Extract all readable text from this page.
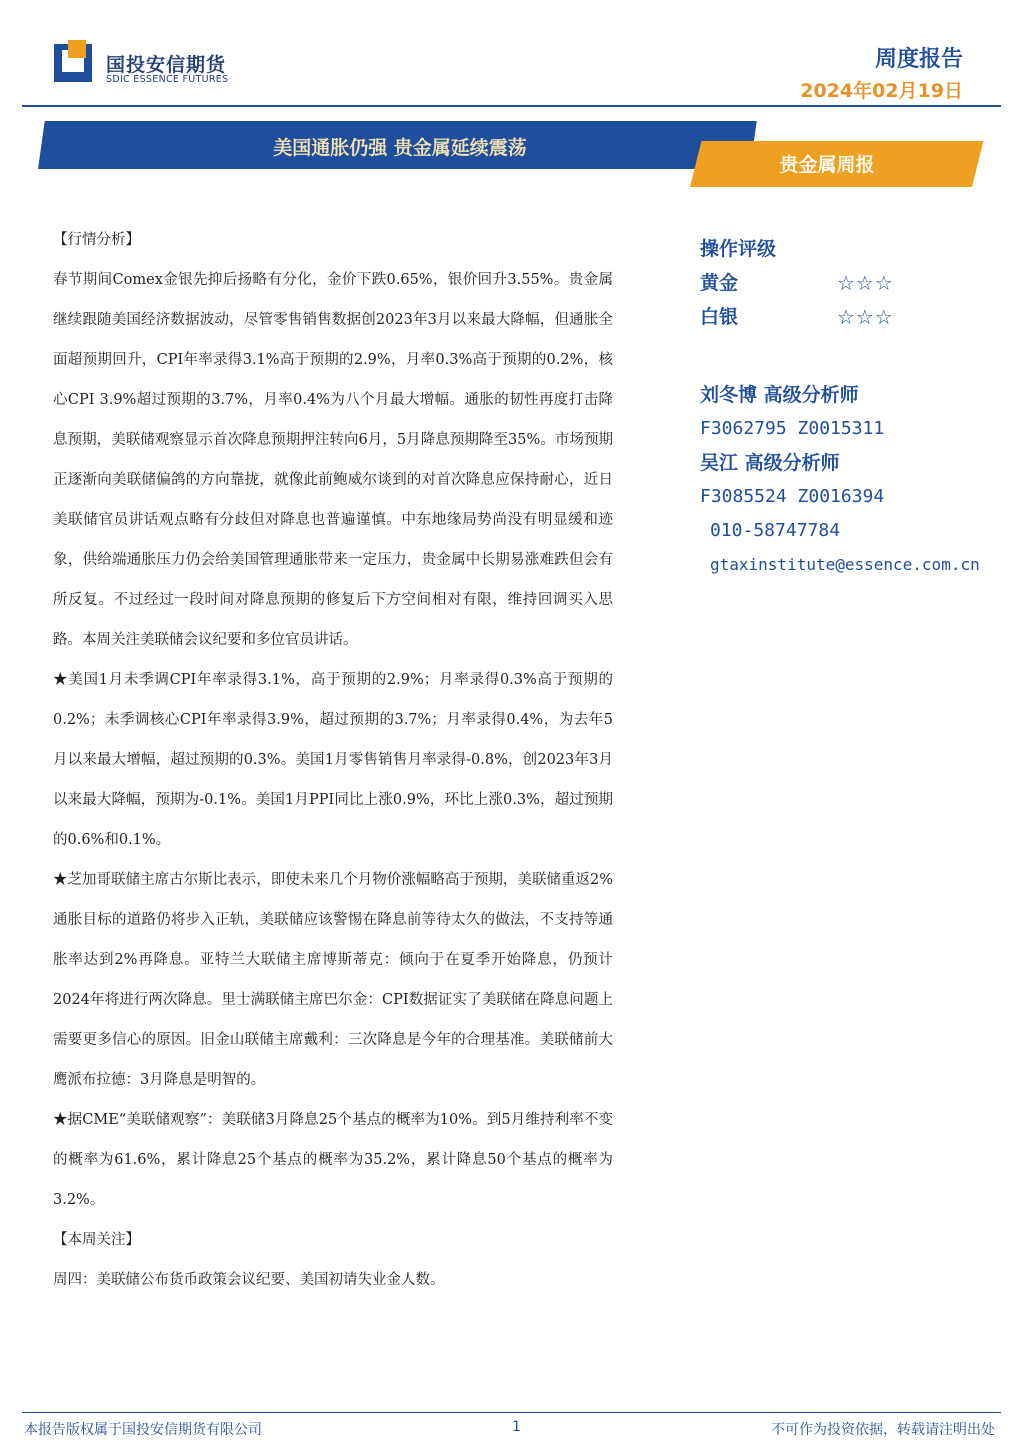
国投安信期货
SDIC ESSENCE FUTURES
周度报告
2024年02月19日
美国通胀仍强 贵金属延续震荡
贵金属周报
【行情分析】

春节期间Comex金银先抑后扬略有分化，金价下跌0.65%，银价回升3.55%。贵金属继续跟随美国经济数据波动，尽管零售销售数据创2023年3月以来最大降幅，但通胀全面超预期回升，CPI年率录得3.1%高于预期的2.9%，月率0.3%高于预期的0.2%，核心CPI 3.9%超过预期的3.7%，月率0.4%为八个月最大增幅。通胀的韧性再度打击降息预期，美联储观察显示首次降息预期押注转向6月，5月降息预期降至35%。市场预期正逐渐向美联储偏鸽的方向靠拢，就像此前鲍威尔谈到的对首次降息应保持耐心，近日美联储官员讲话观点略有分歧但对降息也普遍谨慎。中东地缘局势尚没有明显缓和迹象，供给端通胀压力仍会给美国管理通胀带来一定压力，贵金属中长期易涨难跌但会有所反复。不过经过一段时间对降息预期的修复后下方空间相对有限，维持回调买入思路。本周关注美联储会议纪要和多位官员讲话。

★美国1月未季调CPI年率录得3.1%，高于预期的2.9%；月率录得0.3%高于预期的0.2%；未季调核心CPI年率录得3.9%，超过预期的3.7%；月率录得0.4%，为去年5月以来最大增幅，超过预期的0.3%。美国1月零售销售月率录得-0.8%，创2023年3月以来最大降幅，预期为-0.1%。美国1月PPI同比上涨0.9%，环比上涨0.3%，超过预期的0.6%和0.1%。

★芝加哥联储主席古尔斯比表示，即使未来几个月物价涨幅略高于预期，美联储重返2%通胀目标的道路仍将步入正轨，美联储应该警惕在降息前等待太久的做法，不支持等通胀率达到2%再降息。亚特兰大联储主席博斯蒂克：倾向于在夏季开始降息，仍预计2024年将进行两次降息。里士满联储主席巴尔金：CPI数据证实了美联储在降息问题上需要更多信心的原因。旧金山联储主席戴利：三次降息是今年的合理基准。美联储前大鹰派布拉德：3月降息是明智的。

★据CME“美联储观察”：美联储3月降息25个基点的概率为10%。到5月维持利率不变的概率为61.6%，累计降息25个基点的概率为35.2%，累计降息50个基点的概率为3.2%。

【本周关注】

周四：美联储公布货币政策会议纪要、美国初请失业金人数。

操作评级
黄金	☆☆☆
白银	☆☆☆
刘冬博 高级分析师
F3062795 Z0015311
吴江 高级分析师
F3085524 Z0016394
010-58747784
gtaxinstitute@essence.com.cn
本报告版权属于国投安信期货有限公司	1	不可作为投资依据，转载请注明出处
